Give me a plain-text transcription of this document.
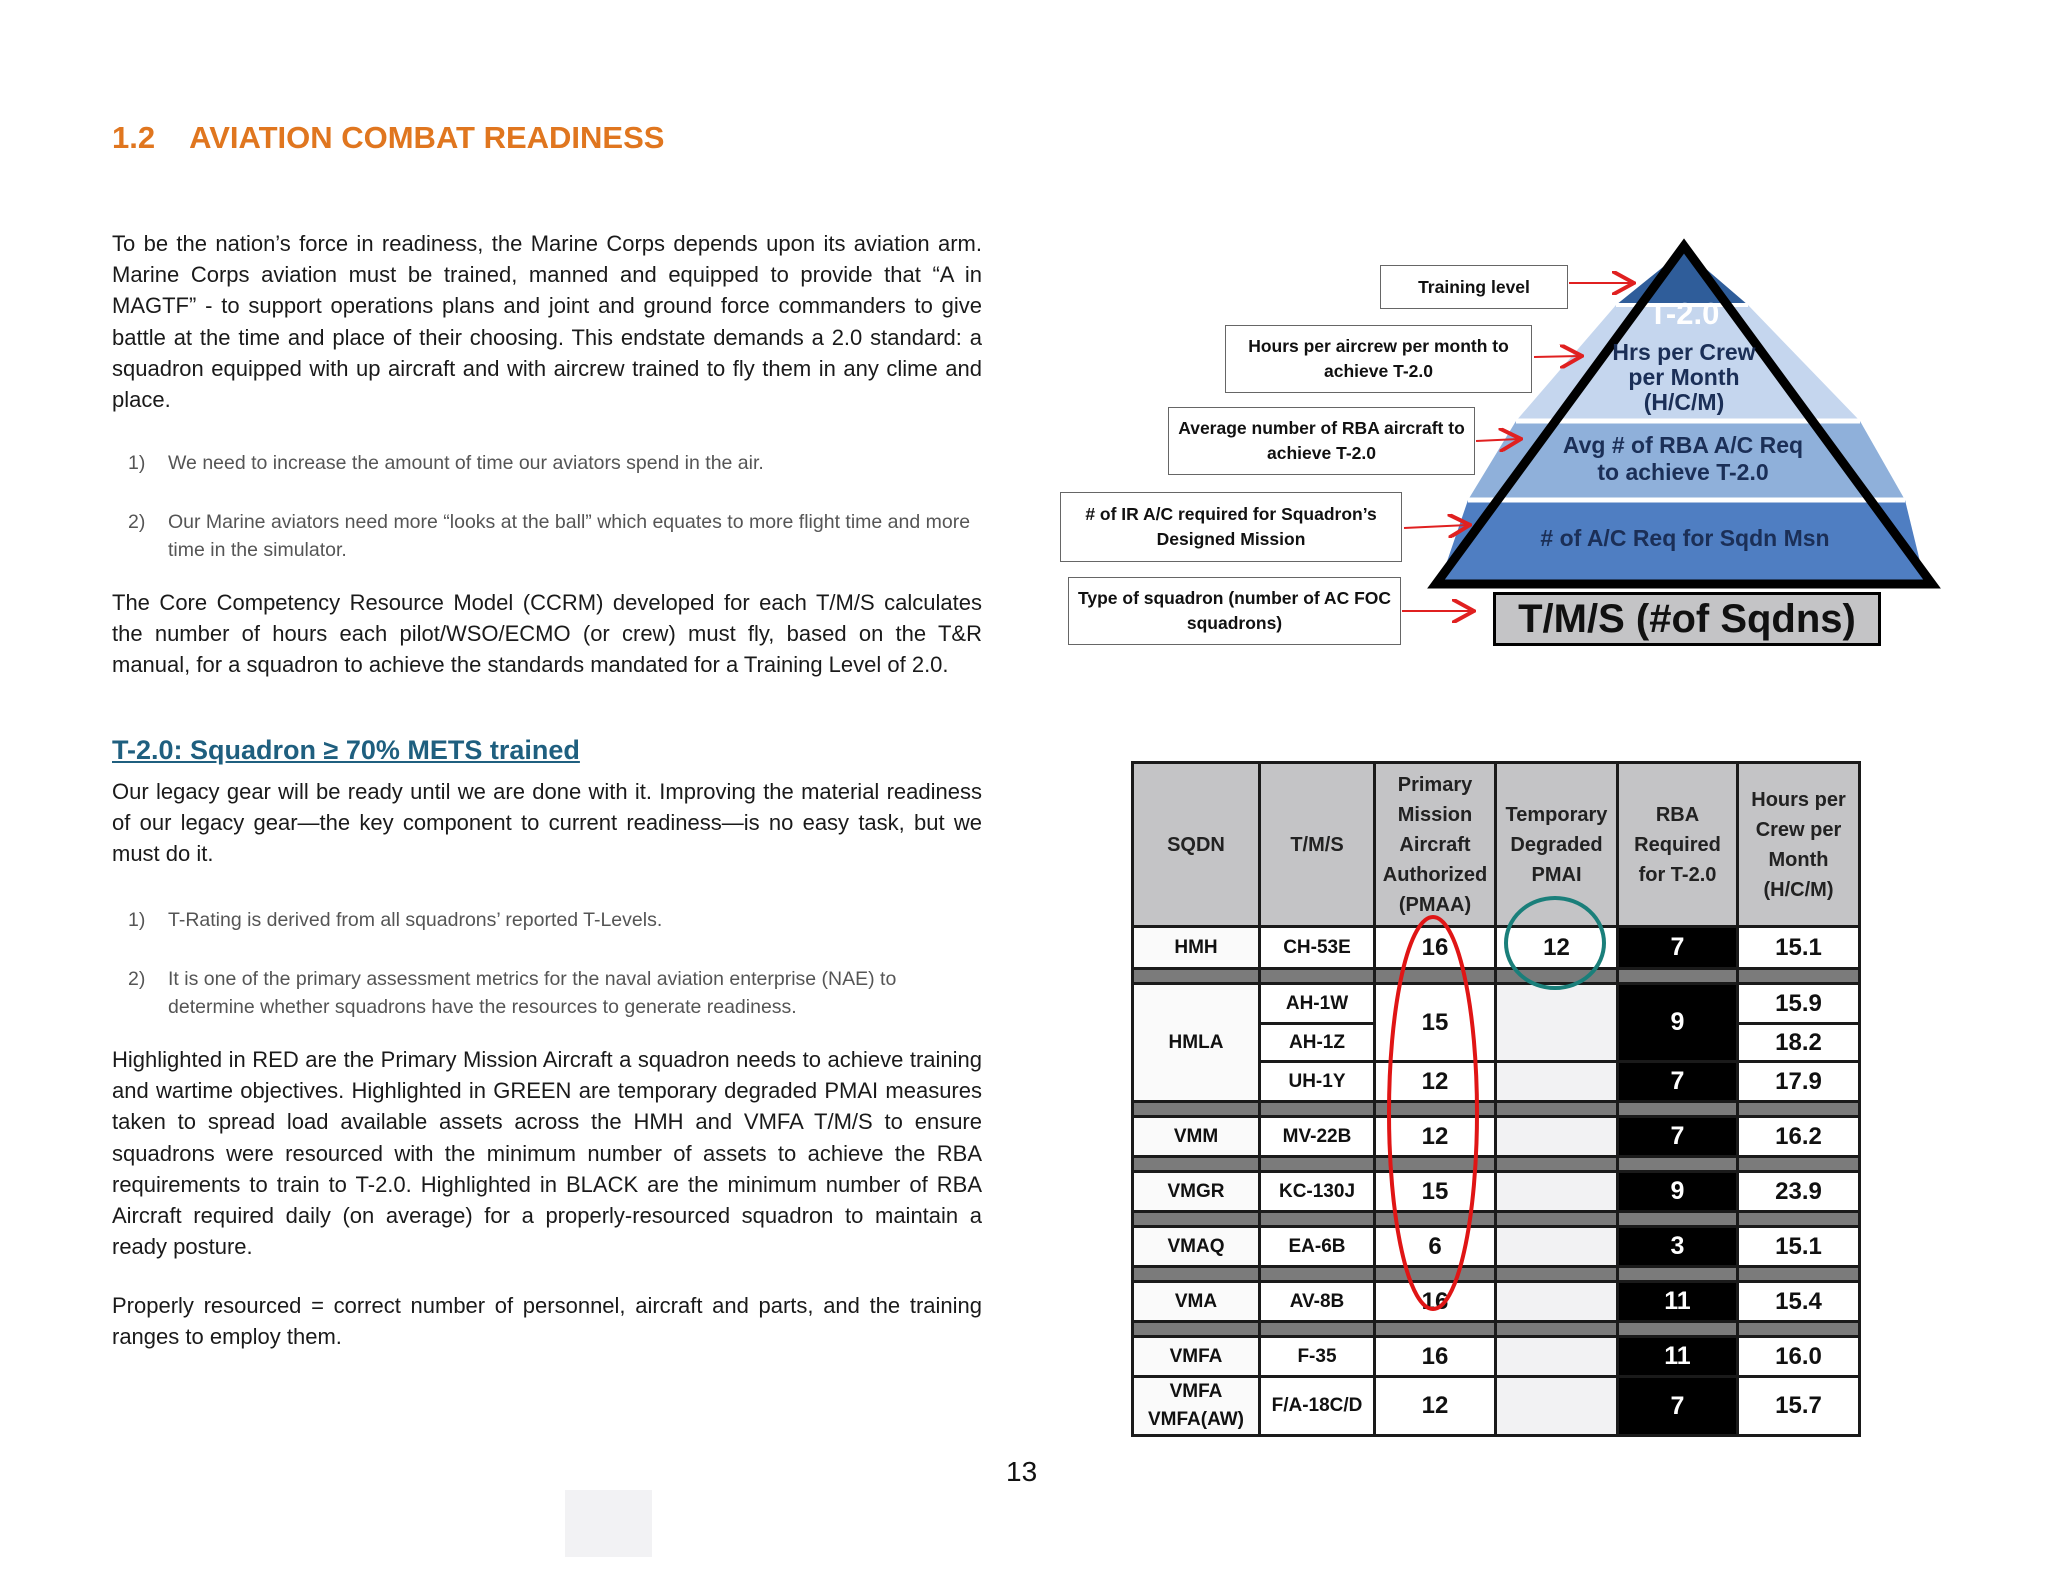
1.2 AVIATION COMBAT READINESS
To be the nation’s force in readiness, the Marine Corps depends upon its aviation arm. Marine Corps aviation must be trained, manned and equipped to provide that “A in MAGTF” - to support operations plans and joint and ground force commanders to give battle at the time and place of their choosing. This endstate demands a 2.0 standard: a squadron equipped with up aircraft and with aircrew trained to fly them in any clime and place.
1)	We need to increase the amount of time our aviators spend in the air.
2)	Our Marine aviators need more “looks at the ball” which equates to more flight time and more time in the simulator.
The Core Competency Resource Model (CCRM) developed for each T/M/S calculates the number of hours each pilot/WSO/ECMO (or crew) must fly, based on the T&R manual, for a squadron to achieve the standards mandated for a Training Level of 2.0.
T-2.0: Squadron ≥ 70% METS trained
Our legacy gear will be ready until we are done with it. Improving the material readiness of our legacy gear—the key component to current readiness—is no easy task, but we must do it.
1)	T-Rating is derived from all squadrons’ reported T-Levels.
2)	It is one of the primary assessment metrics for the naval aviation enterprise (NAE) to determine whether squadrons have the resources to generate readiness.
Highlighted in RED are the Primary Mission Aircraft a squadron needs to achieve training and wartime objectives. Highlighted in GREEN are temporary degraded PMAI measures taken to spread load available assets across the HMH and VMFA T/M/S to ensure squadrons were resourced with the minimum number of assets to achieve the RBA requirements to train to T-2.0. Highlighted in BLACK are the minimum number of RBA Aircraft required daily (on average) for a properly-resourced squadron to maintain a ready posture.
Properly resourced = correct number of personnel, aircraft and parts, and the training ranges to employ them.
13
Training level
Hours per aircrew per month to achieve T-2.0
Average number of RBA aircraft to achieve T-2.0
# of IR A/C required for Squadron’s Designed Mission
Type of squadron (number of AC FOC squadrons)
T-2.0
Hrs per Crew per Month (H/C/M)
Avg # of RBA A/C Req to achieve T-2.0
# of A/C Req for Sqdn Msn
T/M/S (#of Sqdns)
SQDN	T/M/S	Primary Mission Aircraft Authorized (PMAA)	Temporary Degraded PMAI	RBA Required for T-2.0	Hours per Crew per Month (H/C/M)
HMH	CH-53E	16	12	7	15.1

HMLA	AH-1W	15		9	15.9
	AH-1Z				18.2
	UH-1Y	12		7	17.9

VMM	MV-22B	12		7	16.2

VMGR	KC-130J	15		9	23.9

VMAQ	EA-6B	6		3	15.1

VMA	AV-8B	16		11	15.4

VMFA	F-35	16		11	16.0

VMFA
VMFA(AW)	F/A-18C/D	12		7	15.7
